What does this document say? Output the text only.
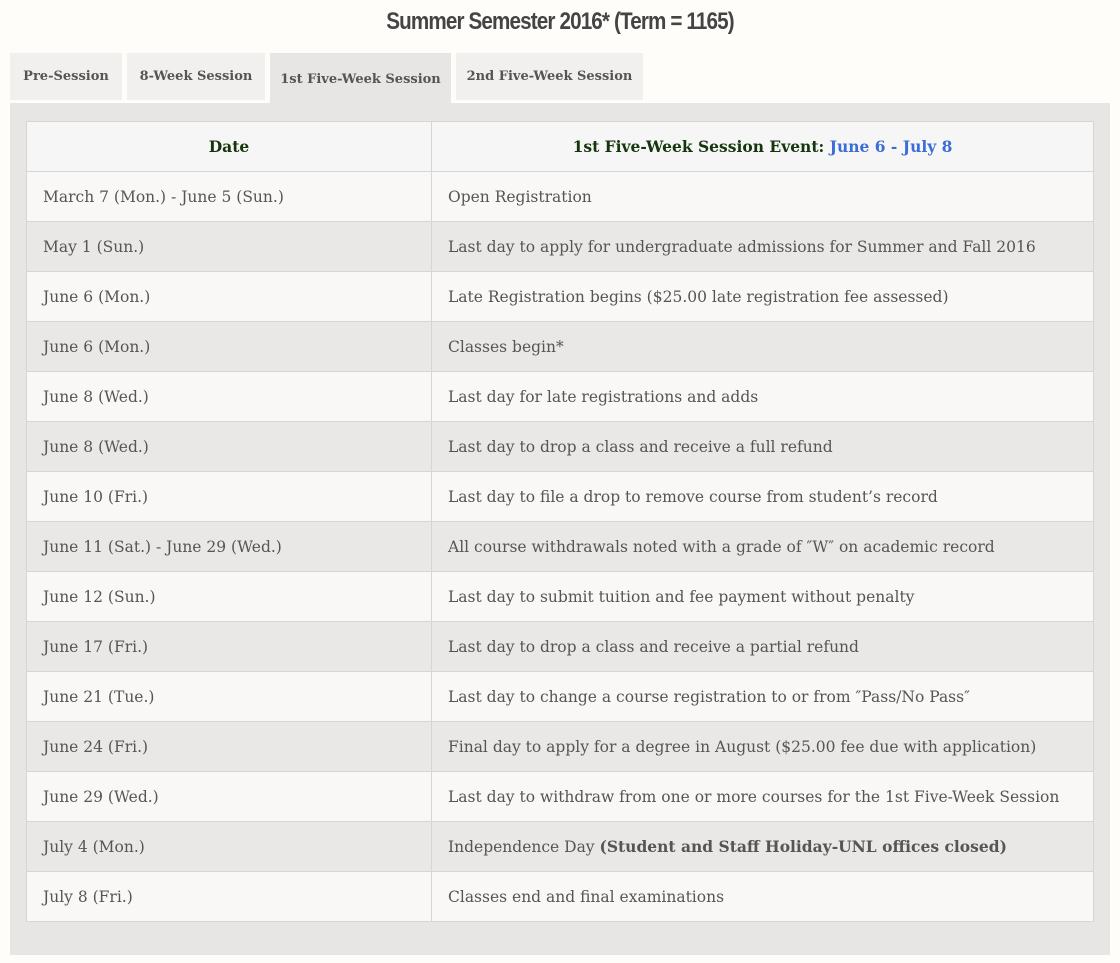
Summer Semester 2016* (Term = 1165)
Pre-Session	8-Week Session	1st Five-Week Session	2nd Five-Week Session
Date	1st Five-Week Session Event: June 6 - July 8
March 7 (Mon.) - June 5 (Sun.)	Open Registration
May 1 (Sun.)	Last day to apply for undergraduate admissions for Summer and Fall 2016
June 6 (Mon.)	Late Registration begins ($25.00 late registration fee assessed)
June 6 (Mon.)	Classes begin*
June 8 (Wed.)	Last day for late registrations and adds
June 8 (Wed.)	Last day to drop a class and receive a full refund
June 10 (Fri.)	Last day to file a drop to remove course from student’s record
June 11 (Sat.) - June 29 (Wed.)	All course withdrawals noted with a grade of ″W″ on academic record
June 12 (Sun.)	Last day to submit tuition and fee payment without penalty
June 17 (Fri.)	Last day to drop a class and receive a partial refund
June 21 (Tue.)	Last day to change a course registration to or from ″Pass/No Pass″
June 24 (Fri.)	Final day to apply for a degree in August ($25.00 fee due with application)
June 29 (Wed.)	Last day to withdraw from one or more courses for the 1st Five-Week Session
July 4 (Mon.)	Independence Day (Student and Staff Holiday-UNL offices closed)
July 8 (Fri.)	Classes end and final examinations
